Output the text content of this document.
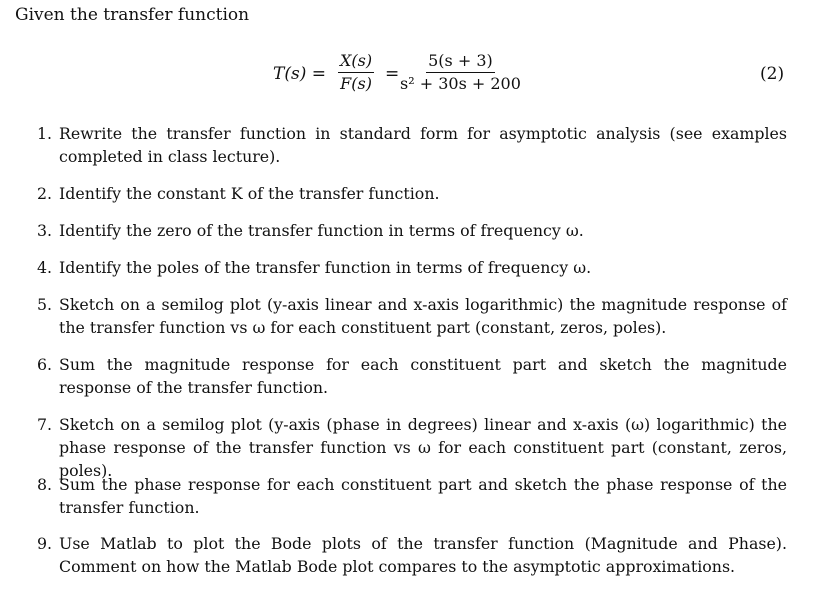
Given the transfer function
$T(s) = \frac{X(s)}{F(s)} = \frac{5(s + 3)}{\text{s² + 30s + 200}}$	(2)
1. Rewrite the transfer function in standard form for asymptotic analysis (see examples completed in class lecture).
2. Identify the constant K of the transfer function.
3. Identify the zero of the transfer function in terms of frequency ω.
4. Identify the poles of the transfer function in terms of frequency ω.
5. Sketch on a semilog plot (y-axis linear and x-axis logarithmic) the magnitude response of the transfer function vs ω for each constituent part (constant, zeros, poles).
6. Sum the magnitude response for each constituent part and sketch the magnitude response of the transfer function.
7. Sketch on a semilog plot (y-axis (phase in degrees) linear and x-axis (ω) logarithmic) the phase response of the transfer function vs ω for each constituent part (constant, zeros, poles).
8. Sum the phase response for each constituent part and sketch the phase response of the transfer function.
9. Use Matlab to plot the Bode plots of the transfer function (Magnitude and Phase). Comment on how the Matlab Bode plot compares to the asymptotic approximations.
